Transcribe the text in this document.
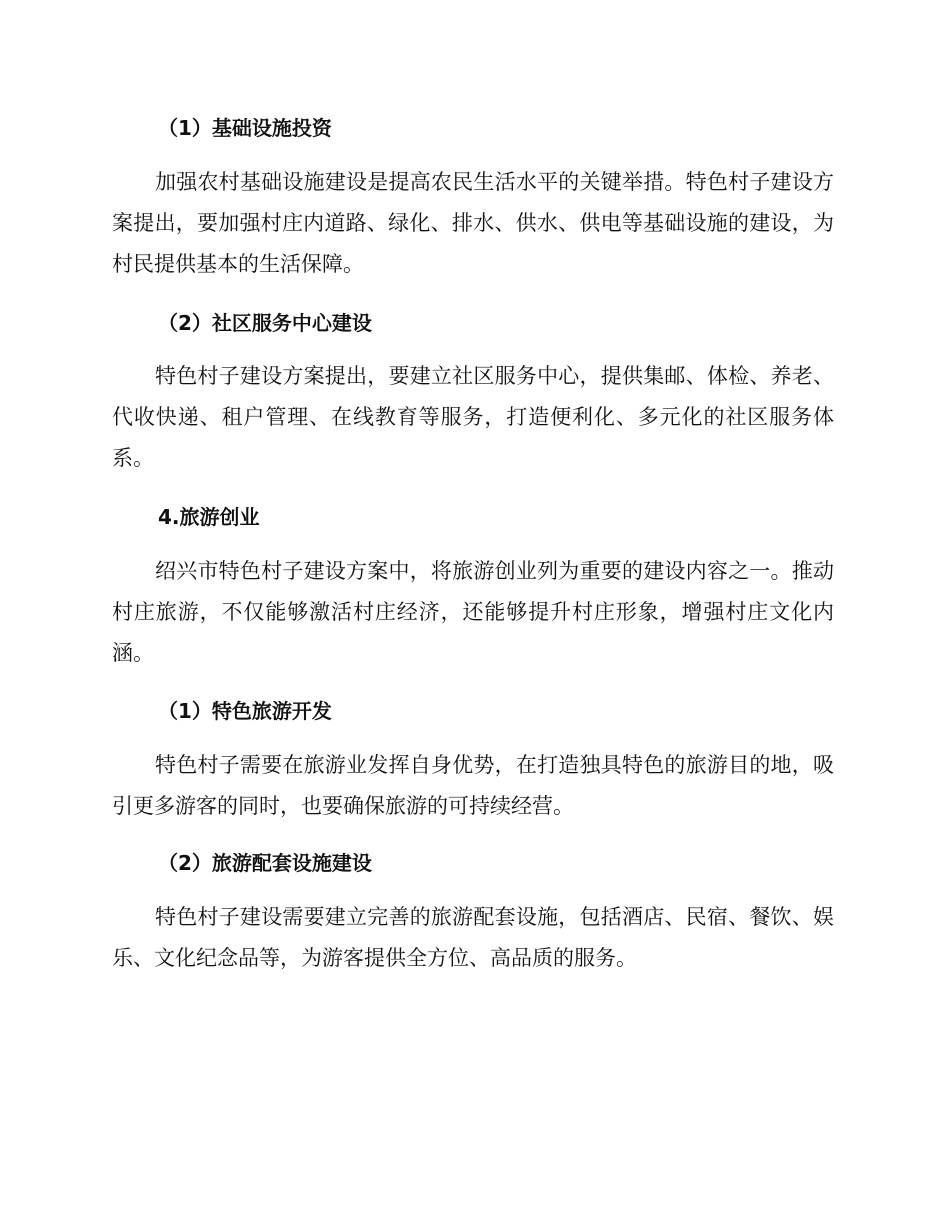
（1）基础设施投资

加强农村基础设施建设是提高农民生活水平的关键举措。特色村子建设方案提出，要加强村庄内道路、绿化、排水、供水、供电等基础设施的建设，为村民提供基本的生活保障。

（2）社区服务中心建设

特色村子建设方案提出，要建立社区服务中心，提供集邮、体检、养老、代收快递、租户管理、在线教育等服务，打造便利化、多元化的社区服务体系。

4.旅游创业

绍兴市特色村子建设方案中，将旅游创业列为重要的建设内容之一。推动村庄旅游，不仅能够激活村庄经济，还能够提升村庄形象，增强村庄文化内涵。

（1）特色旅游开发

特色村子需要在旅游业发挥自身优势，在打造独具特色的旅游目的地，吸引更多游客的同时，也要确保旅游的可持续经营。

（2）旅游配套设施建设

特色村子建设需要建立完善的旅游配套设施，包括酒店、民宿、餐饮、娱乐、文化纪念品等，为游客提供全方位、高品质的服务。
